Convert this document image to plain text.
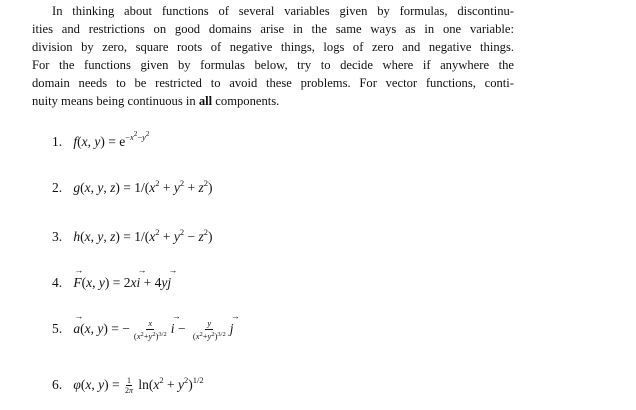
In thinking about functions of several variables given by formulas, discontinu-
ities and restrictions on good domains arise in the same ways as in one variable:
division by zero, square roots of negative things, logs of zero and negative things.
For the functions given by formulas below, try to decide where if anywhere the
domain needs to be restricted to avoid these problems. For vector functions, conti-
nuity means being continuous in all components.
1. f(x, $y) = e^{-x^2-y^2}$
2. g(x, y, $z) = 1/(x^2 + y^2 + z^2)$
3. h(x, y, $z) = 1/(x^2 + y^2 - z^2)$
4. → F(x, y) = 2x→ i + 4y→ j
5. → a(x, y) = − $\frac{x}{(x^2+y^2)^{3/2}}$
→ $i - \frac{y}{(x^2+y^2)^{3/2}}$
→ j
6. φ(x, $y) = \frac{1}{2\pi} \ln(x^2 + y^2)^{1/2}$
